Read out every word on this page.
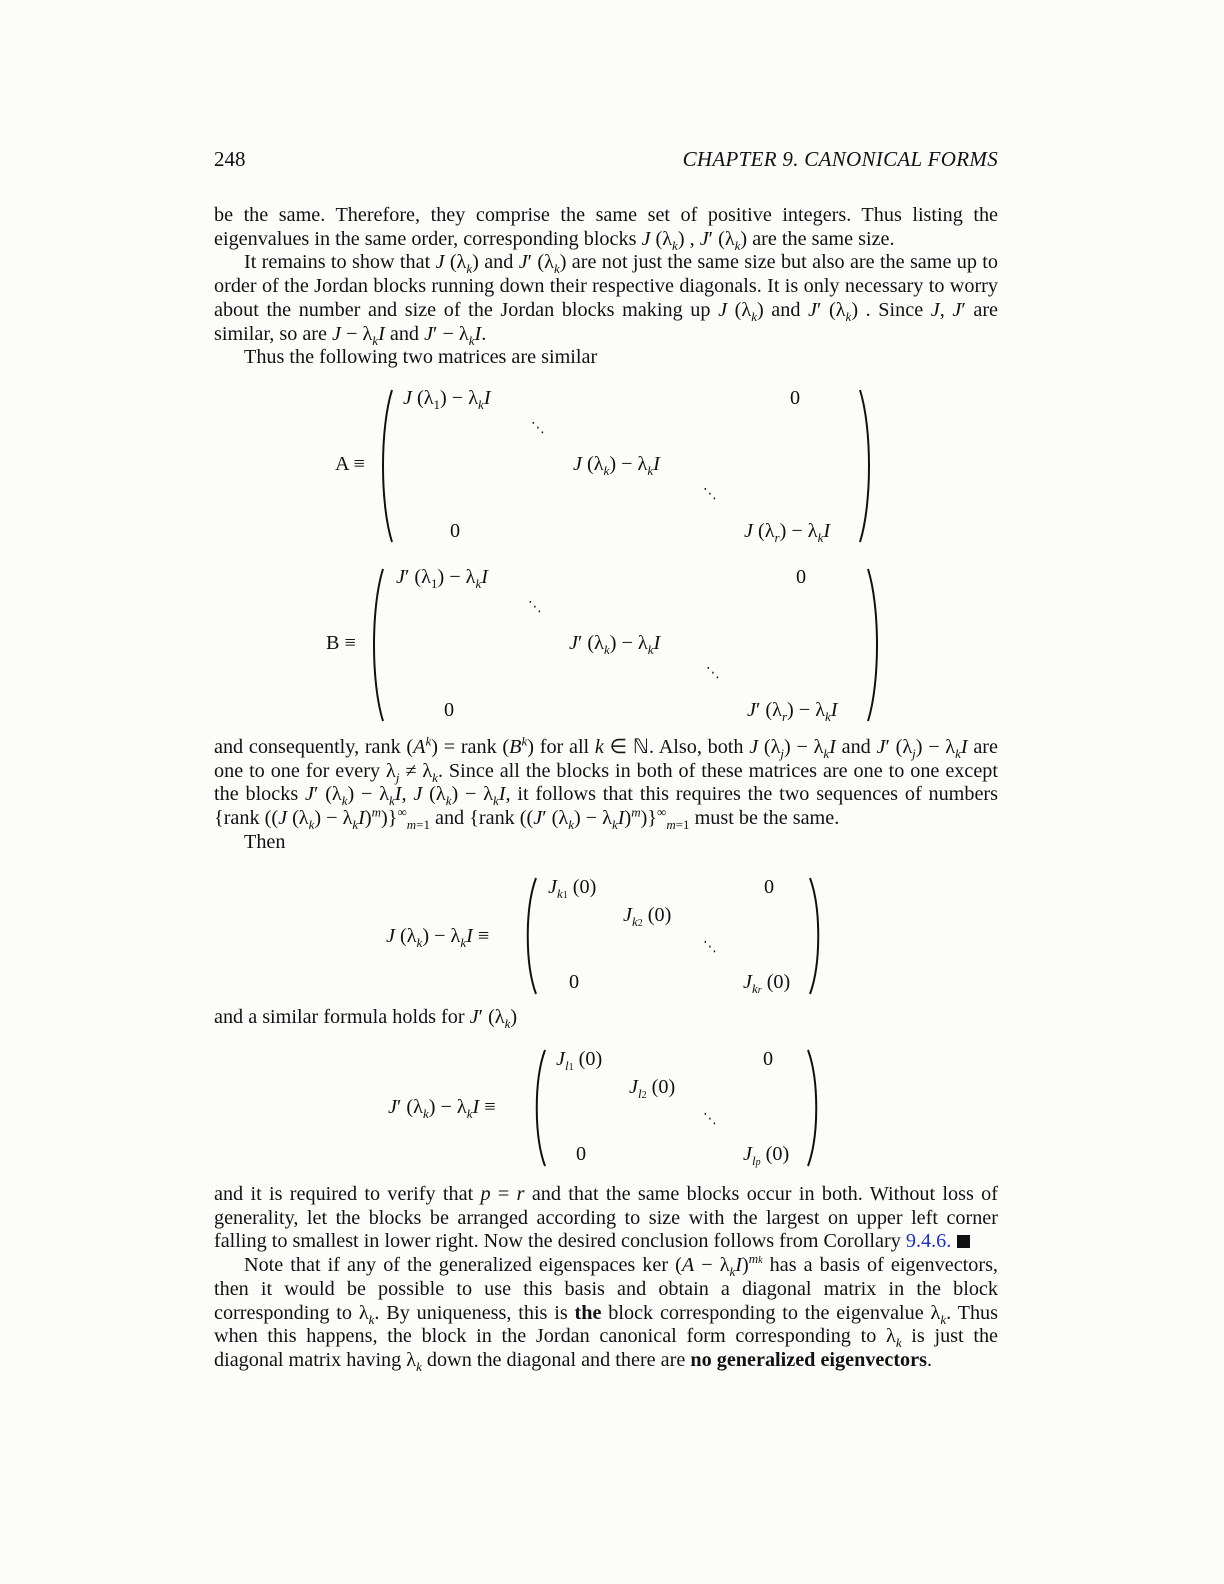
248	CHAPTER 9. CANONICAL FORMS

be the same. Therefore, they comprise the same set of positive integers. Thus listing the eigenvalues in the same order, corresponding blocks J $(\lambda_k)$ , J′ $(\lambda_k)$ are the same size.

It remains to show that J $(\lambda_k)$ and J′ $(\lambda_k)$ are not just the same size but also are the same up to order of the Jordan blocks running down their respective diagonals. It is only necessary to worry about the number and size of the Jordan blocks making up J $(\lambda_k)$ and J′ $(\lambda_k)$ . Since J, J′ are similar, so are $J - \lambda_kI$ and $J' - \lambda_kI$.

Thus the following two matrices are similar

A ≡
J $(\lambda_1) - \lambda_kI$	0
⋱
J $(\lambda_k) - \lambda_kI$
⋱
0	J $(\lambda_r) - \lambda_kI$
B ≡
J′ $(\lambda_1) - \lambda_kI$	0
⋱
J′ $(\lambda_k) - \lambda_kI$
⋱
0	J′ $(\lambda_r) - \lambda_kI$

and consequently, rank $(A^k)$ = rank $(B^k)$ for all k ∈ ℕ. Also, both J $(\lambda_j) - \lambda_kI$ and J′ $(\lambda_j) - \lambda_kI$ are one to one for every $\lambda_j \ne \lambda_k$. Since all the blocks in both of these matrices are one to one except the blocks J′ $(\lambda_k) - \lambda_kI$, J $(\lambda_k) - \lambda_kI$, it follows that this requires the two sequences of numbers {rank ((J $(\lambda_k) - \lambda_kI)^m)\}^\infty_{m=1}$ and {rank ((J′ $(\lambda_k) - \lambda_kI)^m)\}^\infty_{m=1}$ must be the same.

Then

J $(\lambda_k) - \lambda_kI$ ≡
$J_{k1}$ (0)	0
$J_{k2}$ (0)
⋱
0	$J_{kr}$ (0)

and a similar formula holds for J′ $(\lambda_k)$

J′ $(\lambda_k) - \lambda_kI$ ≡
$J_{l1}$ (0)	0
$J_{l2}$ (0)
⋱
0	$J_{lp}$ (0)

and it is required to verify that p = r and that the same blocks occur in both. Without loss of generality, let the blocks be arranged according to size with the largest on upper left corner falling to smallest in lower right. Now the desired conclusion follows from Corollary 9.4.6.

Note that if any of the generalized eigenspaces ker $(A - \lambda_kI)^{mk}$ has a basis of eigenvectors, then it would be possible to use this basis and obtain a diagonal matrix in the block corresponding to $\lambda_k$. By uniqueness, this is the block corresponding to the eigenvalue $\lambda_k$. Thus when this happens, the block in the Jordan canonical form corresponding to $\lambda_k$ is just the diagonal matrix having $\lambda_k$ down the diagonal and there are no generalized eigenvectors.
